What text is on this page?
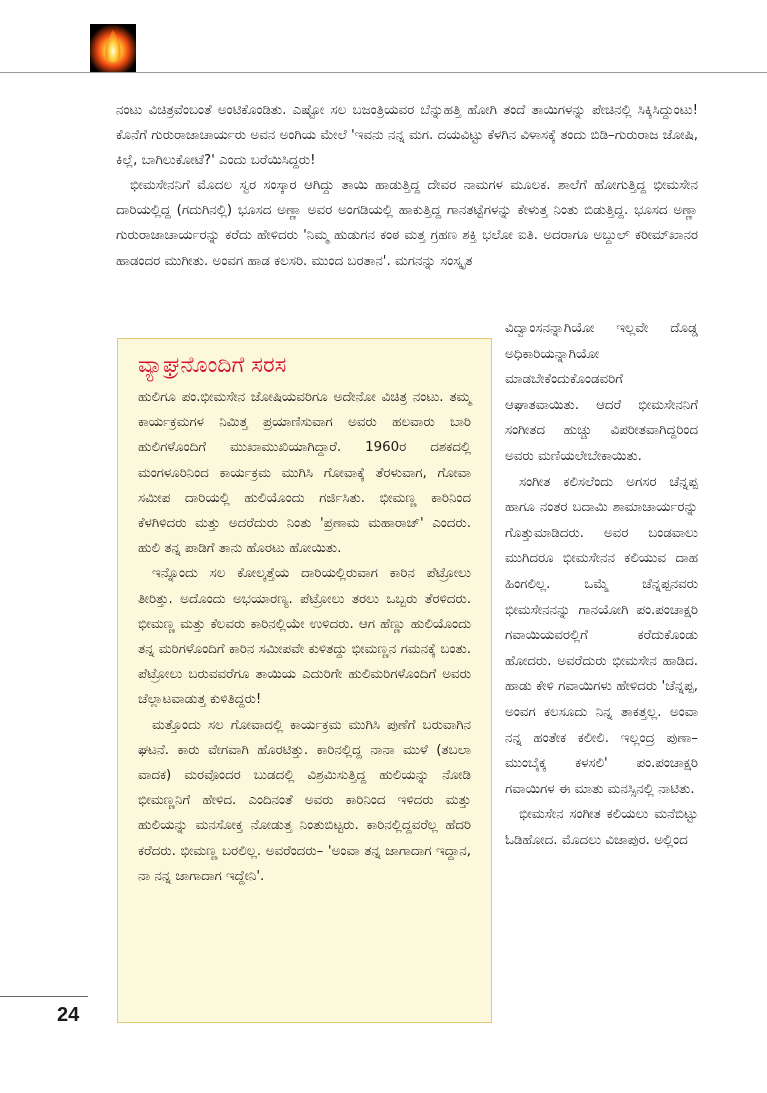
ನಂಟು ವಿಚಿತ್ರವೆಂಬಂತೆ ಅಂಟಿಕೊಂಡಿತು. ಎಷ್ಟೋ ಸಲ ಬಜಂತ್ರಿಯವರ ಬೆನ್ನುಹತ್ತಿ ಹೋಗಿ ತಂದೆ ತಾಯಿಗಳನ್ನು ಪೇಚಿನಲ್ಲಿ ಸಿಕ್ಕಿಸಿದ್ದುಂಟು! ಕೊನೆಗೆ ಗುರುರಾಜಾಚಾರ್ಯರು ಅವನ ಅಂಗಿಯ ಮೇಲೆ 'ಇವನು ನನ್ನ ಮಗ. ದಯವಿಟ್ಟು ಕೆಳಗಿನ ವಿಳಾಸಕ್ಕೆ ತಂದು ಬಿಡಿ–ಗುರುರಾಜ ಜೋಷಿ, ಕಿಲ್ಲೆ, ಬಾಗಿಲುಕೋಟೆ?' ಎಂದು ಬರೆಯಿಸಿದ್ದರು!

ಭೀಮಸೇನನಿಗೆ ಮೊದಲ ಸ್ವರ ಸಂಸ್ಕಾರ ಆಗಿದ್ದು ತಾಯಿ ಹಾಡುತ್ತಿದ್ದ ದೇವರ ನಾಮಗಳ ಮೂಲಕ. ಶಾಲೆಗೆ ಹೋಗುತ್ತಿದ್ದ ಭೀಮಸೇನ ದಾರಿಯಲ್ಲಿದ್ದ (ಗದುಗಿನಲ್ಲಿ) ಭೂಸದ ಅಣ್ಣಾ ಅವರ ಅಂಗಡಿಯಲ್ಲಿ ಹಾಕುತ್ತಿದ್ದ ಗಾನತಟ್ಟೆಗಳನ್ನು ಕೇಳುತ್ತ ನಿಂತು ಬಿಡುತ್ತಿದ್ದ. ಭೂಸದ ಅಣ್ಣಾ ಗುರುರಾಜಾಚಾರ್ಯರನ್ನು ಕರೆದು ಹೇಳಿದರು 'ನಿಮ್ಮ ಹುಡುಗನ ಕಂಠ ಮತ್ತ ಗ್ರಹಣ ಶಕ್ತಿ ಭಲೋ ಐತಿ. ಅದರಾಗೂ ಅಬ್ದುಲ್ ಕರೀಮ್‌ಖಾನರ ಹಾಡಂದರ ಮುಗೀತು. ಅಂವಗ ಹಾಡ ಕಲಸರಿ. ಮುಂದ ಬರತಾನ'. ಮಗನನ್ನು ಸಂಸ್ಕೃತ

ವ್ಯಾಘ್ರನೊಂದಿಗೆ ಸರಸ

ಹುಲಿಗೂ ಪಂ.ಭೀಮಸೇನ ಜೋಷಿಯವರಿಗೂ ಅದೇನೋ ವಿಚಿತ್ರ ನಂಟು. ತಮ್ಮ ಕಾರ್ಯಕ್ರಮಗಳ ನಿಮಿತ್ತ ಪ್ರಯಾಣಿಸುವಾಗ ಅವರು ಹಲವಾರು ಬಾರಿ ಹುಲಿಗಳೊಂದಿಗೆ ಮುಖಾಮುಖಿಯಾಗಿದ್ದಾರೆ. 1960ರ ದಶಕದಲ್ಲಿ ಮಂಗಳೂರಿನಿಂದ ಕಾರ್ಯಕ್ರಮ ಮುಗಿಸಿ ಗೋವಾಕ್ಕೆ ತೆರಳುವಾಗ, ಗೋವಾ ಸಮೀಪ ದಾರಿಯಲ್ಲಿ ಹುಲಿಯೊಂದು ಗರ್ಜಿಸಿತು. ಭೀಮಣ್ಣ ಕಾರಿನಿಂದ ಕೆಳಗಿಳಿದರು ಮತ್ತು ಅದರೆದುರು ನಿಂತು 'ಪ್ರಣಾಮ ಮಹಾರಾಜ್' ಎಂದರು. ಹುಲಿ ತನ್ನ ಪಾಡಿಗೆ ತಾನು ಹೊರಟು ಹೋಯಿತು.

ಇನ್ನೊಂದು ಸಲ ಕೋಲ್ಕತ್ತೆಯ ದಾರಿಯಲ್ಲಿರುವಾಗ ಕಾರಿನ ಪೆಟ್ರೋಲು ತೀರಿತ್ತು. ಅದೊಂದು ಅಭಯಾರಣ್ಯ. ಪೆಟ್ರೋಲು ತರಲು ಒಬ್ಬರು ತೆರಳಿದರು. ಭೀಮಣ್ಣ ಮತ್ತು ಕೆಲವರು ಕಾರಿನಲ್ಲಿಯೇ ಉಳಿದರು. ಆಗ ಹೆಣ್ಣು ಹುಲಿಯೊಂದು ತನ್ನ ಮರಿಗಳೊಂದಿಗೆ ಕಾರಿನ ಸಮೀಪವೇ ಕುಳಿತದ್ದು ಭೀಮಣ್ಣನ ಗಮನಕ್ಕೆ ಬಂತು. ಪೆಟ್ರೋಲು ಬರುವವರೆಗೂ ತಾಯಿಯ ಎದುರಿಗೇ ಹುಲಿಮರಿಗಳೊಂದಿಗೆ ಅವರು ಚೆಲ್ಲಾಟವಾಡುತ್ತ ಕುಳಿತಿದ್ದರು!

ಮತ್ತೊಂದು ಸಲ ಗೋವಾದಲ್ಲಿ ಕಾರ್ಯಕ್ರಮ ಮುಗಿಸಿ ಪುಣೆಗೆ ಬರುವಾಗಿನ ಘಟನೆ. ಕಾರು ವೇಗವಾಗಿ ಹೊರಟಿತ್ತು. ಕಾರಿನಲ್ಲಿದ್ದ ನಾನಾ ಮುಳೆ (ತಬಲಾ ವಾದಕ) ಮರವೊಂದರ ಬುಡದಲ್ಲಿ ವಿಶ್ರಮಿಸುತ್ತಿದ್ದ ಹುಲಿಯನ್ನು ನೋಡಿ ಭೀಮಣ್ಣನಿಗೆ ಹೇಳಿದ. ಎಂದಿನಂತೆ ಅವರು ಕಾರಿನಿಂದ ಇಳಿದರು ಮತ್ತು ಹುಲಿಯನ್ನು ಮನಸೋಕ್ತ ನೋಡುತ್ತ ನಿಂತುಬಿಟ್ಟರು. ಕಾರಿನಲ್ಲಿದ್ದವರೆಲ್ಲ ಹೆದರಿ ಕರೆದರು. ಭೀಮಣ್ಣ ಬರಲಿಲ್ಲ. ಅವರೆಂದರು– 'ಅಂವಾ ತನ್ನ ಜಾಗಾದಾಗ ಇದ್ದಾನ, ನಾ ನನ್ನ ಜಾಗಾದಾಗ ಇದ್ದೇನಿ'.

ವಿದ್ವಾಂಸನನ್ನಾಗಿಯೋ ಇಲ್ಲವೇ ದೊಡ್ಡ ಅಧಿಕಾರಿಯನ್ನಾಗಿಯೋ ಮಾಡಬೇಕೆಂದುಕೊಂಡವರಿಗೆ ಆಘಾತವಾಯಿತು. ಆದರೆ ಭೀಮಸೇನನಿಗೆ ಸಂಗೀತದ ಹುಚ್ಚು ವಿಪರೀತವಾಗಿದ್ದರಿಂದ ಅವರು ಮಣಿಯಲೇಬೇಕಾಯಿತು.

ಸಂಗೀತ ಕಲಿಸಲೆಂದು ಅಗಸರ ಚೆನ್ನಪ್ಪ ಹಾಗೂ ನಂತರ ಬದಾಮಿ ಶಾಮಾಚಾರ್ಯರನ್ನು ಗೊತ್ತುಮಾಡಿದರು. ಅವರ ಬಂಡವಾಲು ಮುಗಿದರೂ ಭೀಮಸೇನನ ಕಲಿಯುವ ದಾಹ ಹಿಂಗಲಿಲ್ಲ. ಒಮ್ಮೆ ಚೆನ್ನಪ್ಪನವರು ಭೀಮಸೇನನನ್ನು ಗಾನಯೋಗಿ ಪಂ.ಪಂಚಾಕ್ಷರಿ ಗವಾಯಿಯವರಲ್ಲಿಗೆ ಕರೆದುಕೊಂಡು ಹೋದರು. ಅವರೆದುರು ಭೀಮಸೇನ ಹಾಡಿದ. ಹಾಡು ಕೇಳಿ ಗವಾಯಿಗಳು ಹೇಳಿದರು 'ಚೆನ್ನಪ್ಪ, ಅಂವಗ ಕಲಸೂದು ನಿನ್ನ ತಾಕತ್ತಲ್ಲ. ಅಂವಾ ನನ್ನ ಹಂತೇಕ ಕಲೀಲಿ. ಇಲ್ಲಂದ್ರ ಪುಣಾ–ಮುಂಬೈಕ್ಕ ಕಳಸಲಿ' ಪಂ.ಪಂಚಾಕ್ಷರಿ ಗವಾಯಿಗಳ ಈ ಮಾತು ಮನಸ್ಸಿನಲ್ಲಿ ನಾಟಿತು.

ಭೀಮಸೇನ ಸಂಗೀತ ಕಲಿಯಲು ಮನೆಬಿಟ್ಟು ಓಡಿಹೋದ. ಮೊದಲು ವಿಜಾಪುರ. ಅಲ್ಲಿಂದ

24
